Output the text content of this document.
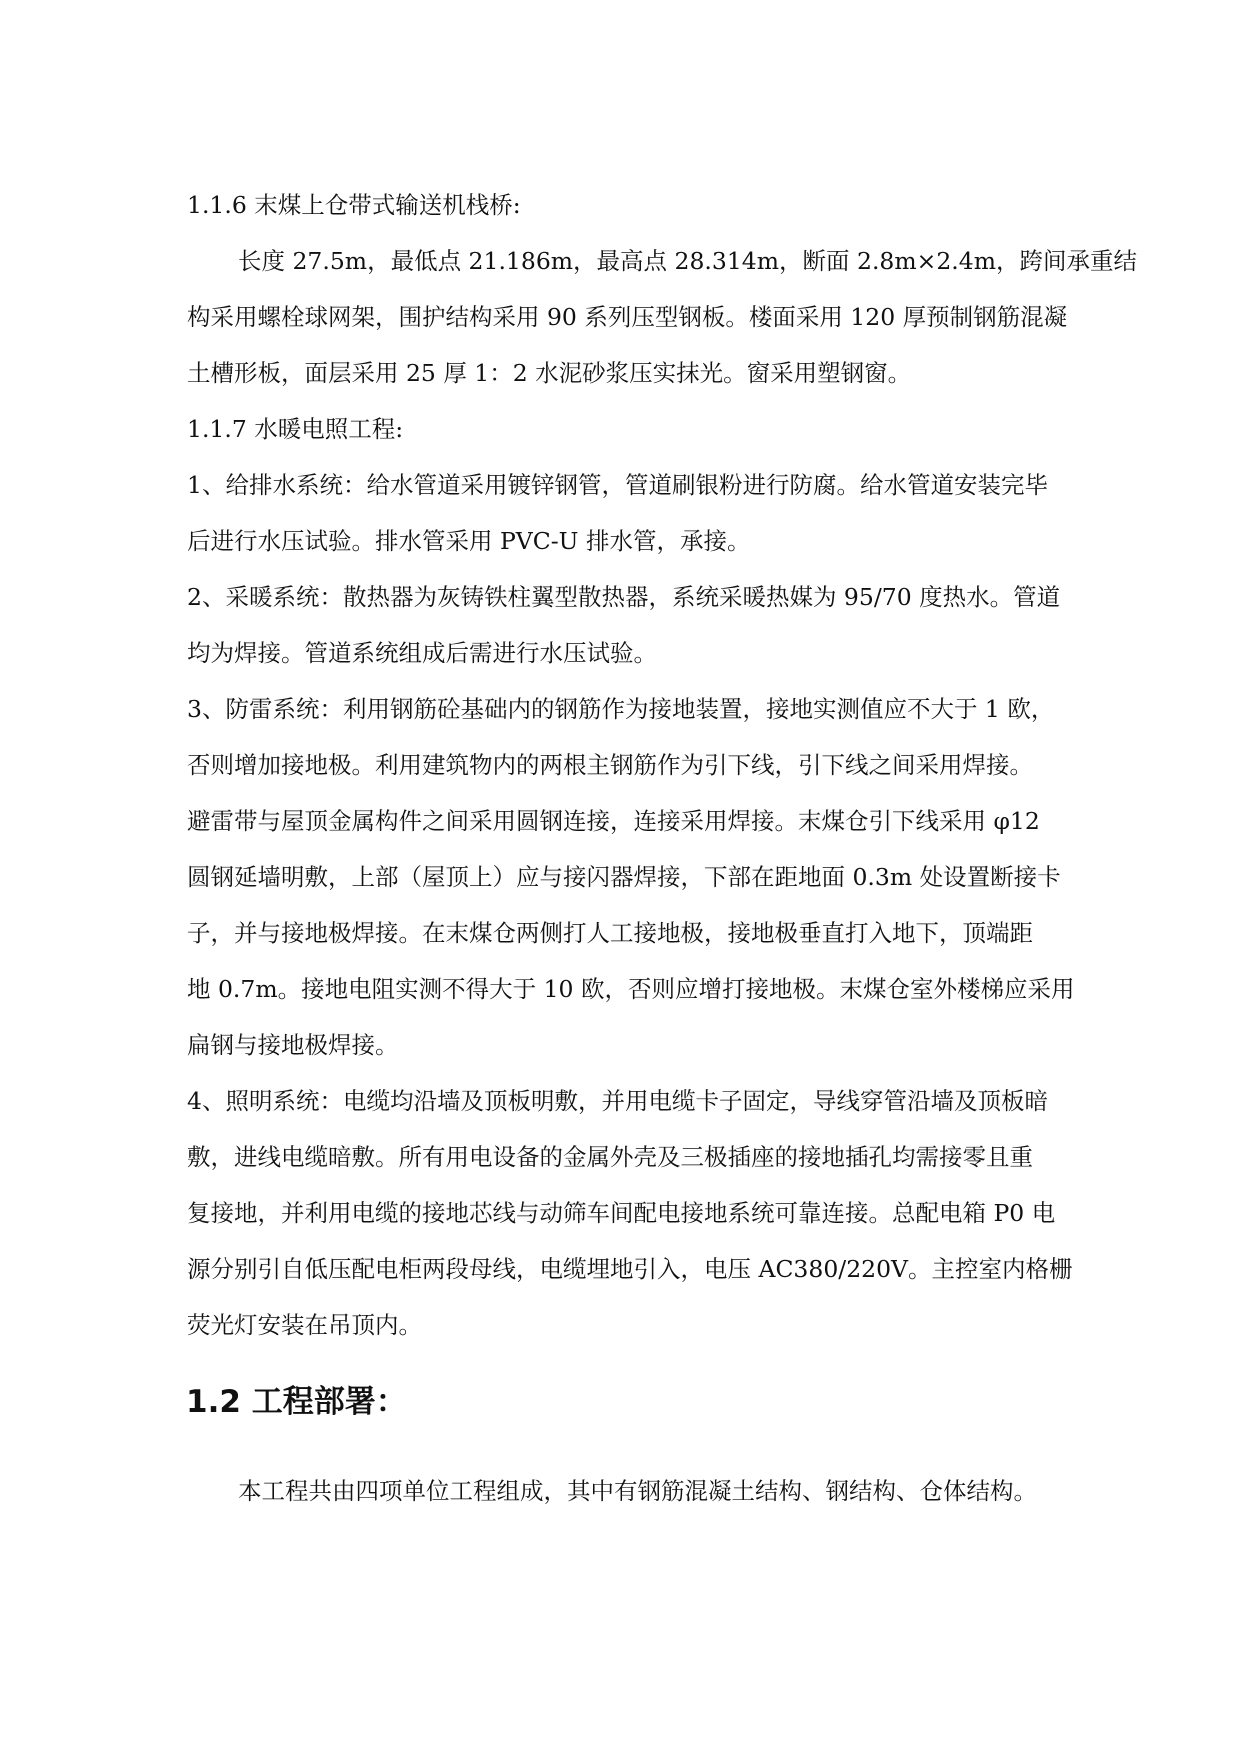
1.1.6 末煤上仓带式输送机栈桥:
长度 27.5m，最低点 21.186m，最高点 28.314m，断面 2.8m×2.4m，跨间承重结
构采用螺栓球网架，围护结构采用 90 系列压型钢板。楼面采用 120 厚预制钢筋混凝
土槽形板，面层采用 25 厚 1：2 水泥砂浆压实抹光。窗采用塑钢窗。
1.1.7 水暖电照工程:
1、给排水系统：给水管道采用镀锌钢管，管道刷银粉进行防腐。给水管道安装完毕
后进行水压试验。排水管采用 PVC-U 排水管，承接。
2、采暖系统：散热器为灰铸铁柱翼型散热器，系统采暖热媒为 95/70 度热水。管道
均为焊接。管道系统组成后需进行水压试验。
3、防雷系统：利用钢筋砼基础内的钢筋作为接地装置，接地实测值应不大于 1 欧，
否则增加接地极。利用建筑物内的两根主钢筋作为引下线，引下线之间采用焊接。
避雷带与屋顶金属构件之间采用圆钢连接，连接采用焊接。末煤仓引下线采用 φ12
圆钢延墙明敷，上部（屋顶上）应与接闪器焊接，下部在距地面 0.3m 处设置断接卡
子，并与接地极焊接。在末煤仓两侧打人工接地极，接地极垂直打入地下，顶端距
地 0.7m。接地电阻实测不得大于 10 欧，否则应增打接地极。末煤仓室外楼梯应采用
扁钢与接地极焊接。
4、照明系统：电缆均沿墙及顶板明敷，并用电缆卡子固定，导线穿管沿墙及顶板暗
敷，进线电缆暗敷。所有用电设备的金属外壳及三极插座的接地插孔均需接零且重
复接地，并利用电缆的接地芯线与动筛车间配电接地系统可靠连接。总配电箱 P0 电
源分别引自低压配电柜两段母线，电缆埋地引入，电压 AC380/220V。主控室内格栅
荧光灯安装在吊顶内。
1.2 工程部署：
本工程共由四项单位工程组成，其中有钢筋混凝土结构、钢结构、仓体结构。
